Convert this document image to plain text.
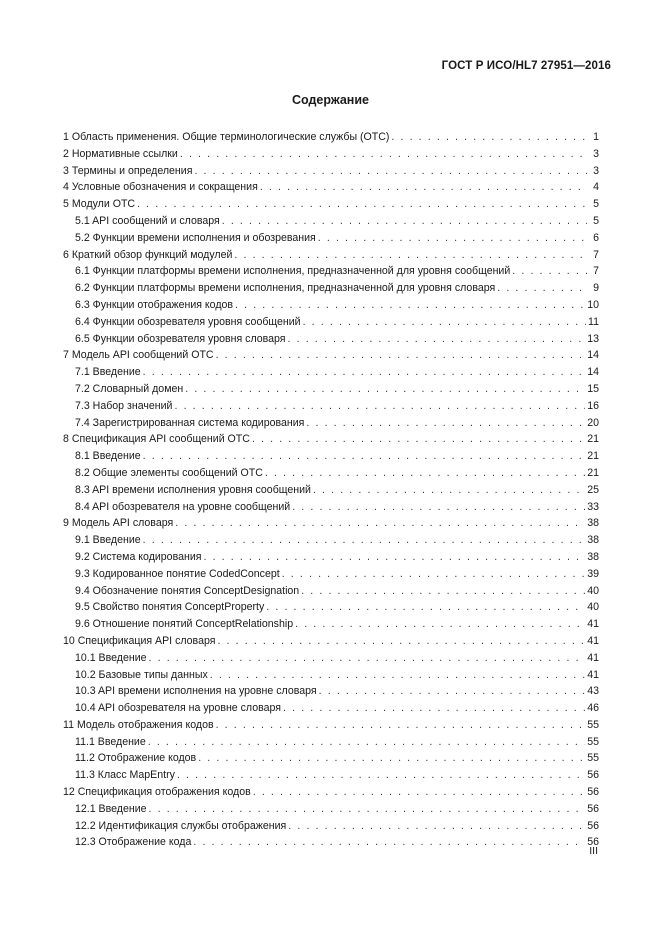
ГОСТ Р ИСО/HL7 27951—2016
Содержание
1 Область применения. Общие терминологические службы (ОТС) . . .	1
2 Нормативные ссылки . . .	3
3 Термины и определения . . .	3
4 Условные обозначения и сокращения . . .	4
5 Модули ОТС . . .	5
5.1 API сообщений и словаря . . .	5
5.2 Функции времени исполнения и обозревания . . .	6
6 Краткий обзор функций модулей . . .	7
6.1 Функции платформы времени исполнения, предназначенной для уровня сообщений . . .	7
6.2 Функции платформы времени исполнения, предназначенной для уровня словаря . . .	9
6.3 Функции отображения кодов . . .	10
6.4 Функции обозревателя уровня сообщений . . .	11
6.5 Функции обозревателя уровня словаря . . .	13
7 Модель API сообщений ОТС . . .	14
7.1 Введение . . .	14
7.2 Словарный домен . . .	15
7.3 Набор значений . . .	16
7.4 Зарегистрированная система кодирования . . .	20
8 Спецификация API сообщений ОТС . . .	21
8.1 Введение . . .	21
8.2 Общие элементы сообщений ОТС . . .	21
8.3 API времени исполнения уровня сообщений . . .	25
8.4 API обозревателя на уровне сообщений . . .	33
9 Модель API словаря . . .	38
9.1 Введение . . .	38
9.2 Система кодирования . . .	38
9.3 Кодированное понятие CodedConcept . . .	39
9.4 Обозначение понятия ConceptDesignation . . .	40
9.5 Свойство понятия ConceptProperty . . .	40
9.6 Отношение понятий ConceptRelationship . . .	41
10 Спецификация API словаря . . .	41
10.1 Введение . . .	41
10.2 Базовые типы данных . . .	41
10.3 API времени исполнения на уровне словаря . . .	43
10.4 API обозревателя на уровне словаря . . .	46
11 Модель отображения кодов . . .	55
11.1 Введение . . .	55
11.2 Отображение кодов . . .	55
11.3 Класс MapEntry . . .	56
12 Спецификация отображения кодов . . .	56
12.1 Введение . . .	56
12.2 Идентификация службы отображения . . .	56
12.3 Отображение кода . . .	56
III
